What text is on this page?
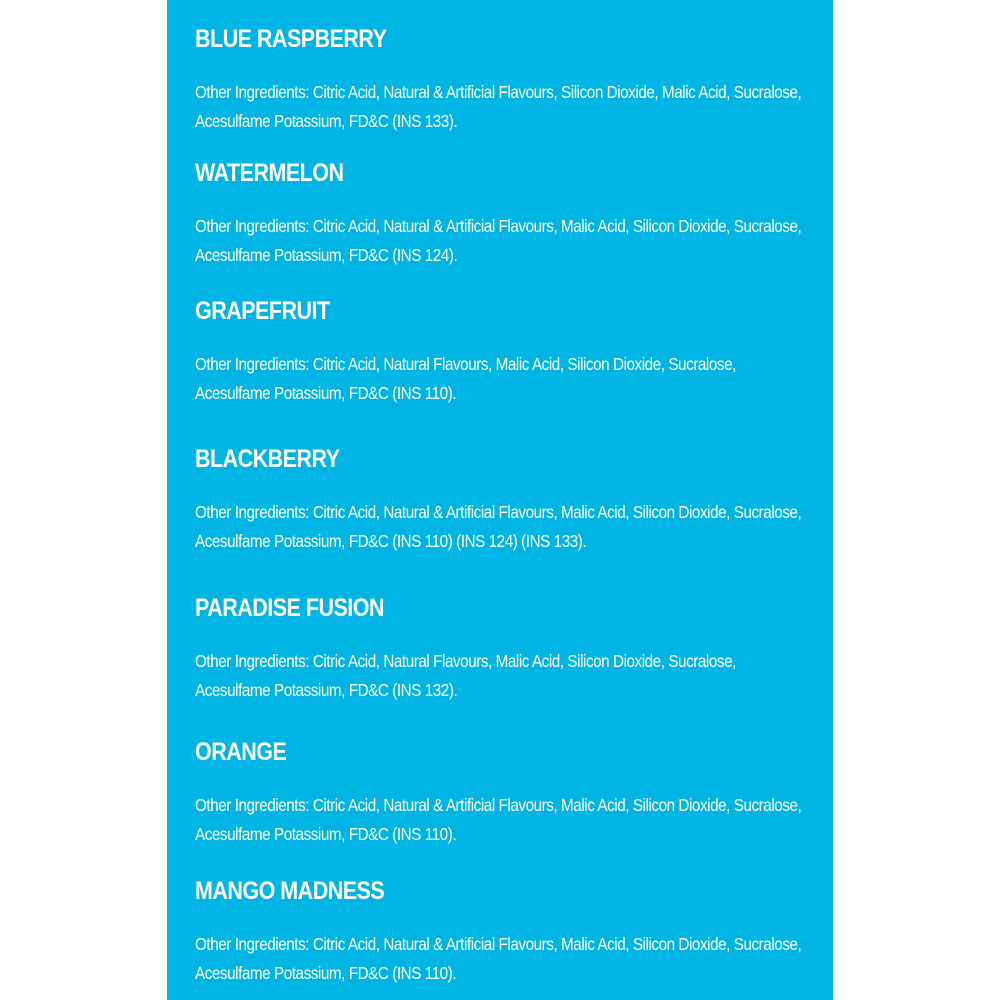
BLUE RASPBERRY

Other Ingredients: Citric Acid, Natural & Artificial Flavours, Silicon Dioxide, Malic Acid, Sucralose, Acesulfame Potassium, FD&C (INS 133).

WATERMELON

Other Ingredients: Citric Acid, Natural & Artificial Flavours, Malic Acid, Silicon Dioxide, Sucralose, Acesulfame Potassium, FD&C (INS 124).

GRAPEFRUIT

Other Ingredients: Citric Acid, Natural Flavours, Malic Acid, Silicon Dioxide, Sucralose, Acesulfame Potassium, FD&C (INS 110).

BLACKBERRY

Other Ingredients: Citric Acid, Natural & Artificial Flavours, Malic Acid, Silicon Dioxide, Sucralose, Acesulfame Potassium, FD&C (INS 110) (INS 124) (INS 133).

PARADISE FUSION

Other Ingredients: Citric Acid, Natural Flavours, Malic Acid, Silicon Dioxide, Sucralose, Acesulfame Potassium, FD&C (INS 132).

ORANGE

Other Ingredients: Citric Acid, Natural & Artificial Flavours, Malic Acid, Silicon Dioxide, Sucralose, Acesulfame Potassium, FD&C (INS 110).

MANGO MADNESS

Other Ingredients: Citric Acid, Natural & Artificial Flavours, Malic Acid, Silicon Dioxide, Sucralose, Acesulfame Potassium, FD&C (INS 110).
